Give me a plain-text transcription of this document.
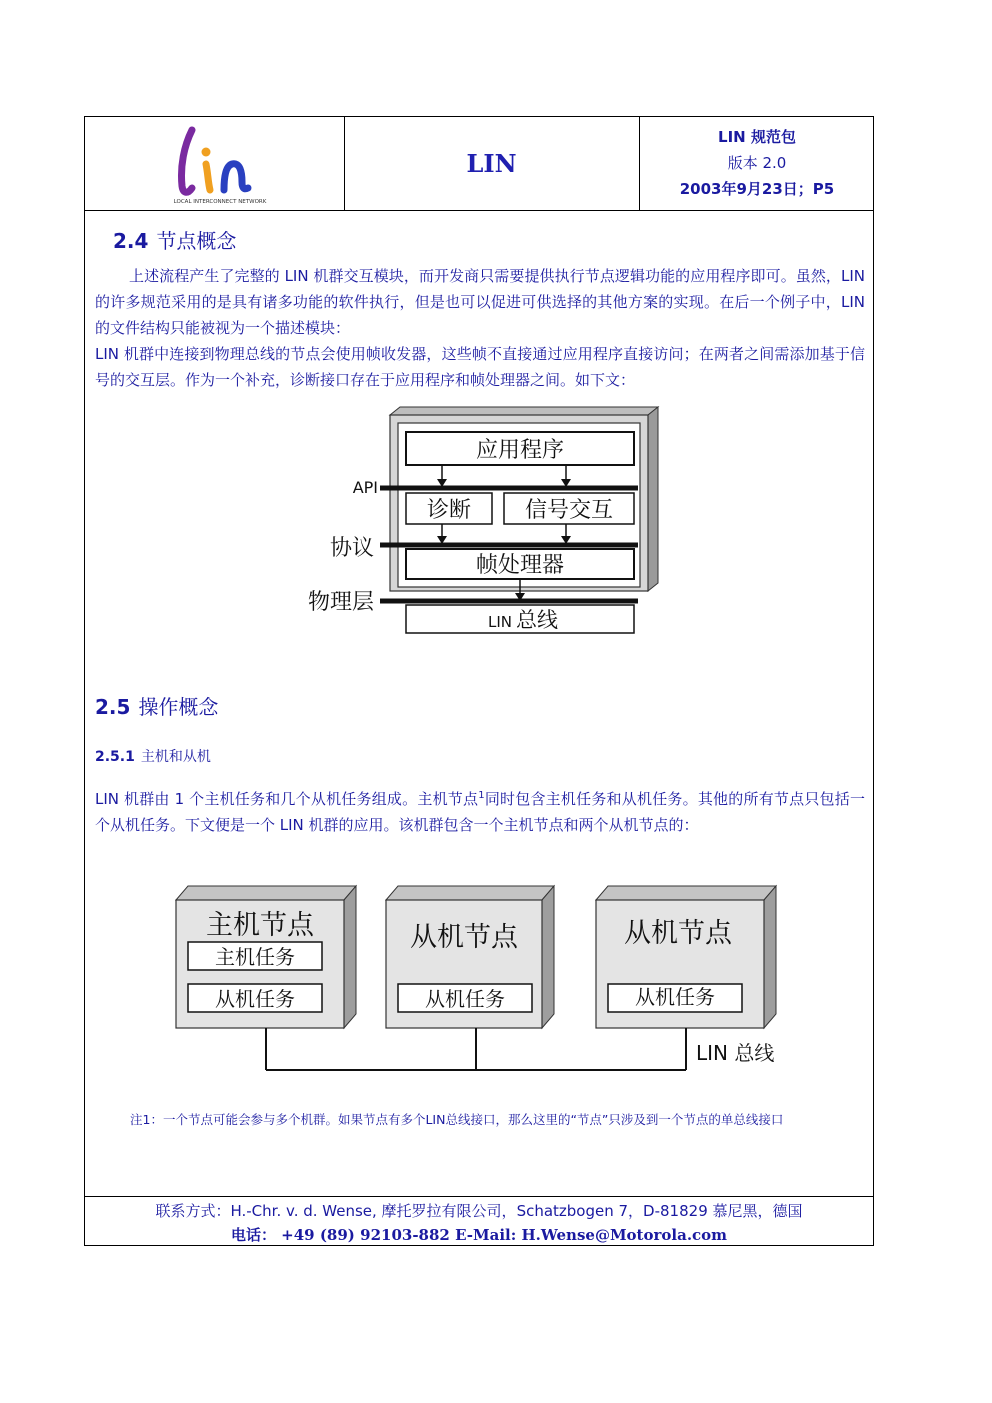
LOCAL INTERCONNECT NETWORK
LIN
LIN 规范包
版本 2.0
2003年9月23日；P5
2.4 节点概念
上述流程产生了完整的 LIN 机群交互模块，而开发商只需要提供执行节点逻辑功能的应用程序即可。虽然，LIN 的许多规范采用的是具有诸多功能的软件执行，但是也可以促进可供选择的其他方案的实现。在后一个例子中，LIN 的文件结构只能被视为一个描述模块：
LIN 机群中连接到物理总线的节点会使用帧收发器，这些帧不直接通过应用程序直接访问；在两者之间需添加基于信号的交互层。作为一个补充，诊断接口存在于应用程序和帧处理器之间。如下文：
应用程序
API
诊断 信号交互
协议
帧处理器
物理层
LIN 总线
2.5 操作概念
2.5.1 主机和从机
LIN 机群由 1 个主机任务和几个从机任务组成。主机节点$^1$同时包含主机任务和从机任务。其他的所有节点只包括一个从机任务。下文便是一个 LIN 机群的应用。该机群包含一个主机节点和两个从机节点的：
主机节点
主机任务
从机任务
从机节点
从机任务
从机节点
从机任务
LIN 总线
注1：一个节点可能会参与多个机群。如果节点有多个LIN总线接口，那么这里的“节点”只涉及到一个节点的单总线接口
联系方式：H.-Chr. v. d. Wense, 摩托罗拉有限公司，Schatzbogen 7，D-81829 慕尼黑，德国
电话： +49 (89) 92103-882 E-Mail: H.Wense@Motorola.com
